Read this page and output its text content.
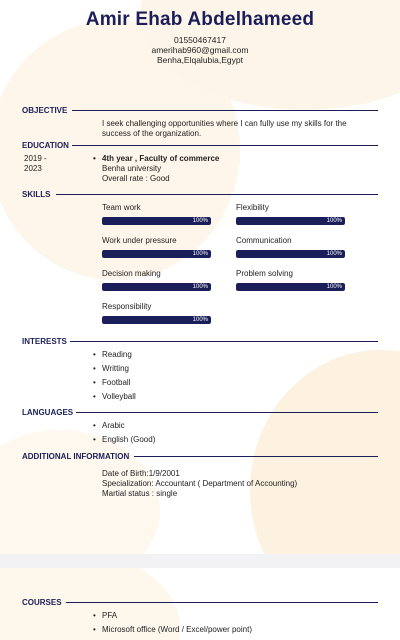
Amir Ehab Abdelhameed
01550467417
amerihab960@gmail.com
Benha,Elqalubia,Egypt
OBJECTIVE
I seek challenging opportunities where I can fully use my skills for the
success of the organization.
EDUCATION
2019 -
2023
• 4th year , Faculty of commerce
Benha university
Overall rate : Good
SKILLS
Team work
100%
Flexibility
100%
Work under pressure
100%
Communication
100%
Decision making
100%
Problem solving
100%
Responsibility
100%
INTERESTS
• Reading
• Writting
• Football
• Volleyball
LANGUAGES
• Arabic
• English (Good)
ADDITIONAL INFORMATION
Date of Birth:1/9/2001
Specialization: Accountant ( Department of Accounting)
Martial status : single
COURSES
• PFA
• Microsoft office (Word / Excel/power point)
